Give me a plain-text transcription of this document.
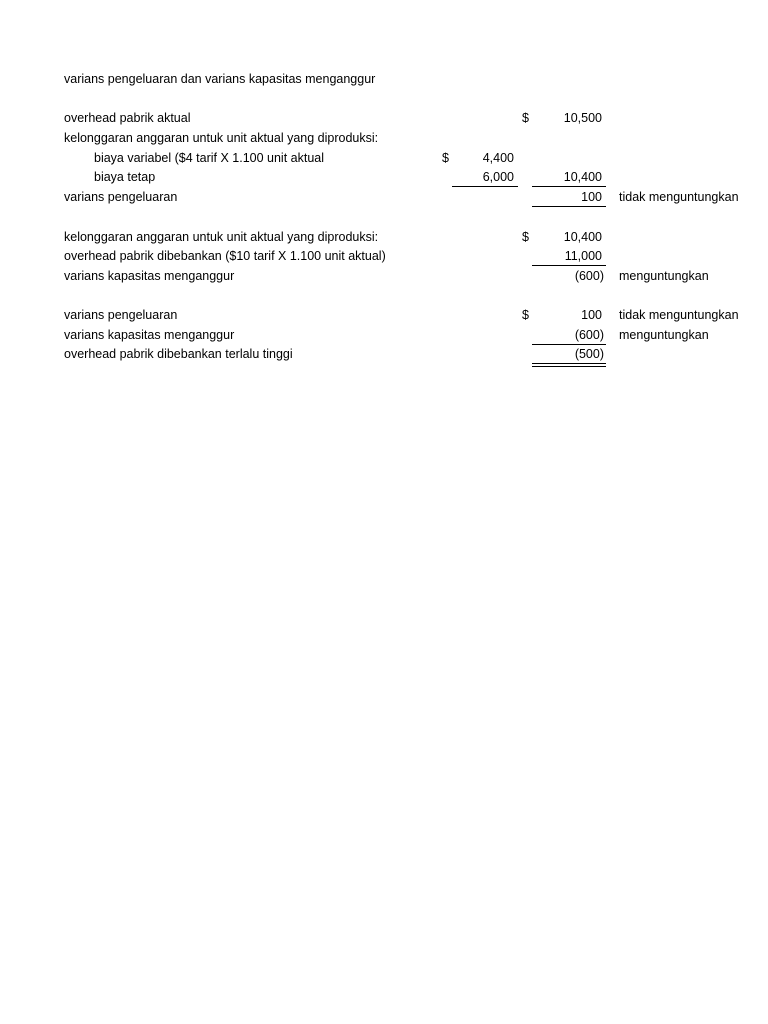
varians pengeluaran dan varians kapasitas menganggur
overhead pabrik aktual	$	10,500
kelonggaran anggaran untuk unit aktual yang diproduksi:
biaya variabel ($4 tarif X 1.100 unit aktual	$	4,400
biaya tetap	6,000	10,400
varians pengeluaran	100 tidak menguntungkan
kelonggaran anggaran untuk unit aktual yang diproduksi:	$	10,400
overhead pabrik dibebankan ($10 tarif X 1.100 unit aktual)	11,000
varians kapasitas menganggur	(600) menguntungkan
varians pengeluaran	$	100 tidak menguntungkan
varians kapasitas menganggur	(600) menguntungkan
overhead pabrik dibebankan terlalu tinggi	(500)
